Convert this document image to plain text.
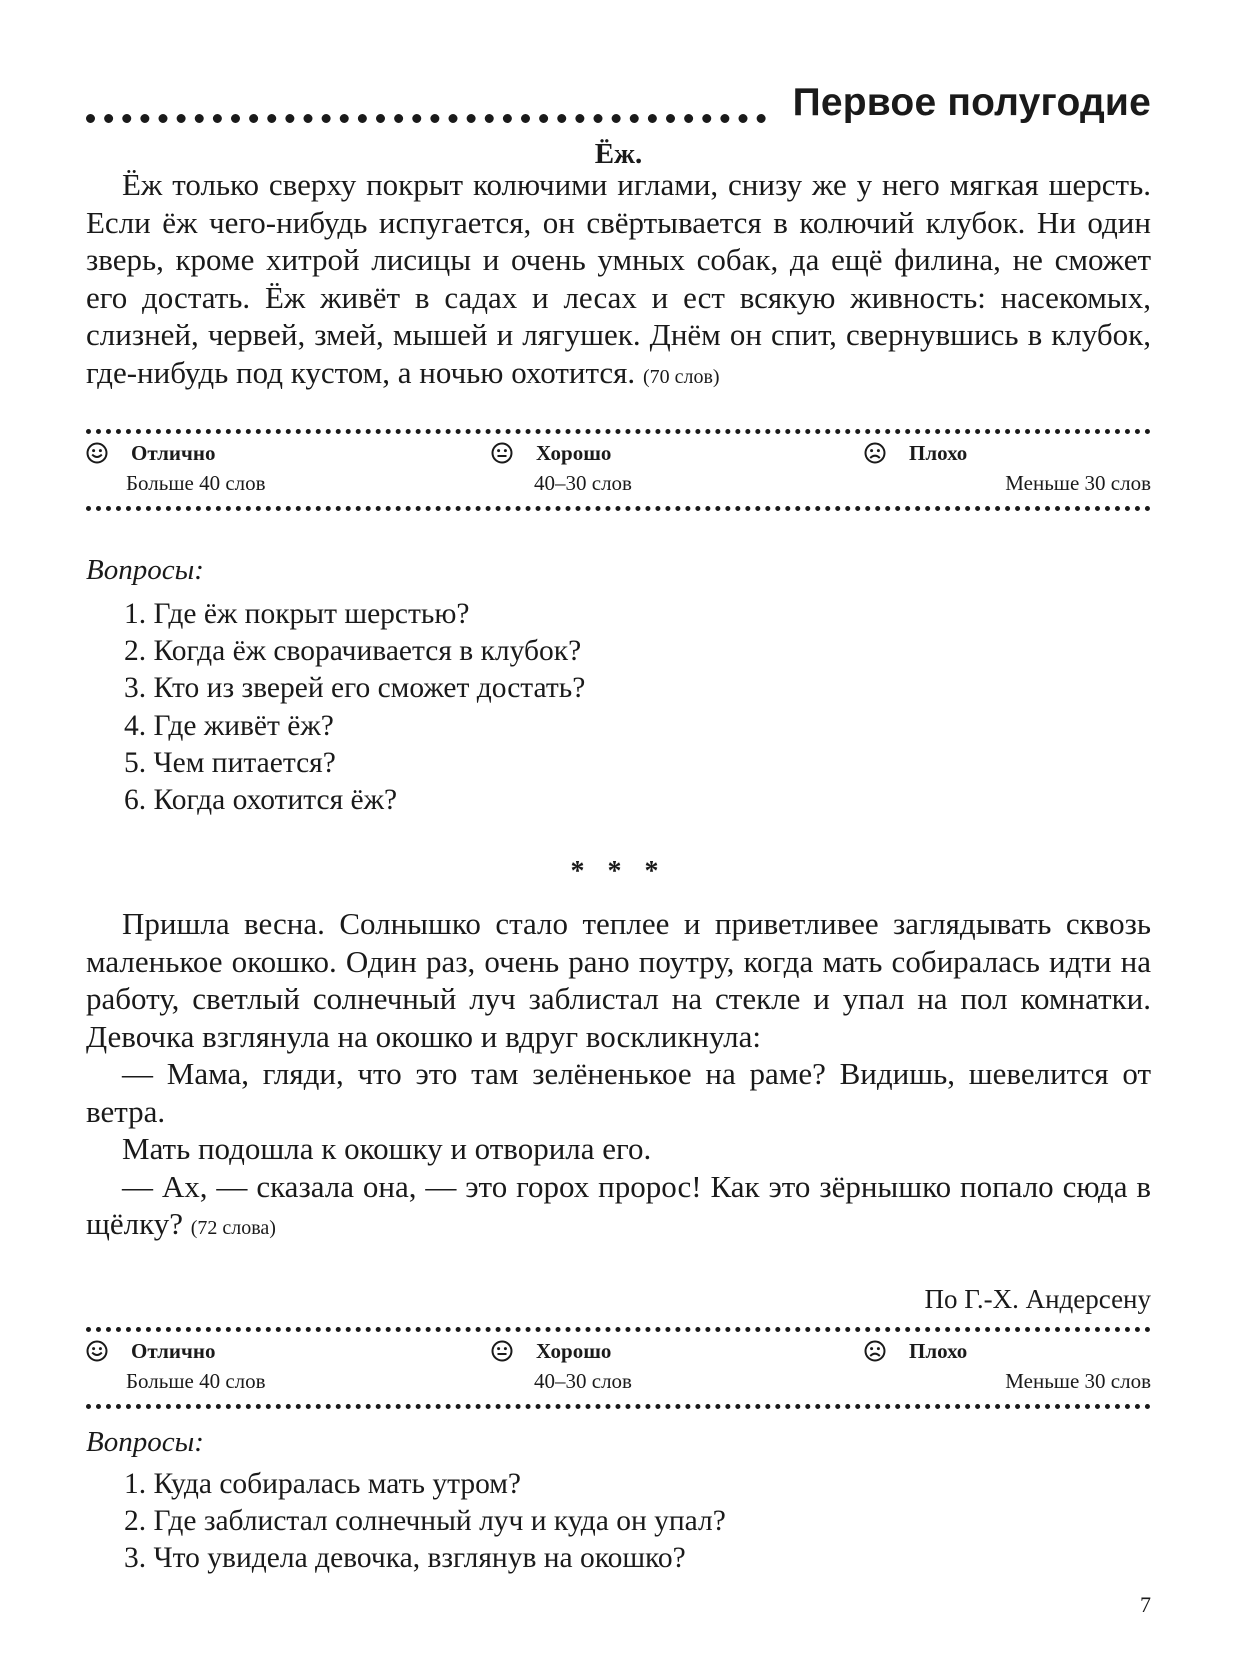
Первое полугодие
Ёж.

Ёж только сверху покрыт колючими иглами, снизу же у него мягкая шерсть. Если ёж чего-нибудь испугается, он свёртывается в колючий клубок. Ни один зверь, кроме хитрой лисицы и очень умных собак, да ещё филина, не сможет его достать. Ёж живёт в садах и лесах и ест всякую живность: насекомых, слизней, червей, змей, мышей и лягушек. Днём он спит, свернувшись в клубок, где-нибудь под кустом, а ночью охотится. (70 слов)

Отлично
Больше 40 слов
Хорошо
40–30 слов
Плохо
Меньше 30 слов
Вопросы:
1. Где ёж покрыт шерстью?
2. Когда ёж сворачивается в клубок?
3. Кто из зверей его сможет достать?
4. Где живёт ёж?
5. Чем питается?
6. Когда охотится ёж?
* * *

Пришла весна. Солнышко стало теплее и приветливее заглядывать сквозь маленькое окошко. Один раз, очень рано поутру, когда мать собиралась идти на работу, светлый солнечный луч заблистал на стекле и упал на пол комнатки. Девочка взглянула на окошко и вдруг воскликнула:

— Мама, гляди, что это там зелёненькое на раме? Видишь, шевелится от ветра.

Мать подошла к окошку и отворила его.

— Ах, — сказала она, — это горох пророс! Как это зёрнышко попало сюда в щёлку? (72 слова)

По Г.-Х. Андерсену
Отлично
Больше 40 слов
Хорошо
40–30 слов
Плохо
Меньше 30 слов
Вопросы:
1. Куда собиралась мать утром?
2. Где заблистал солнечный луч и куда он упал?
3. Что увидела девочка, взглянув на окошко?
7
